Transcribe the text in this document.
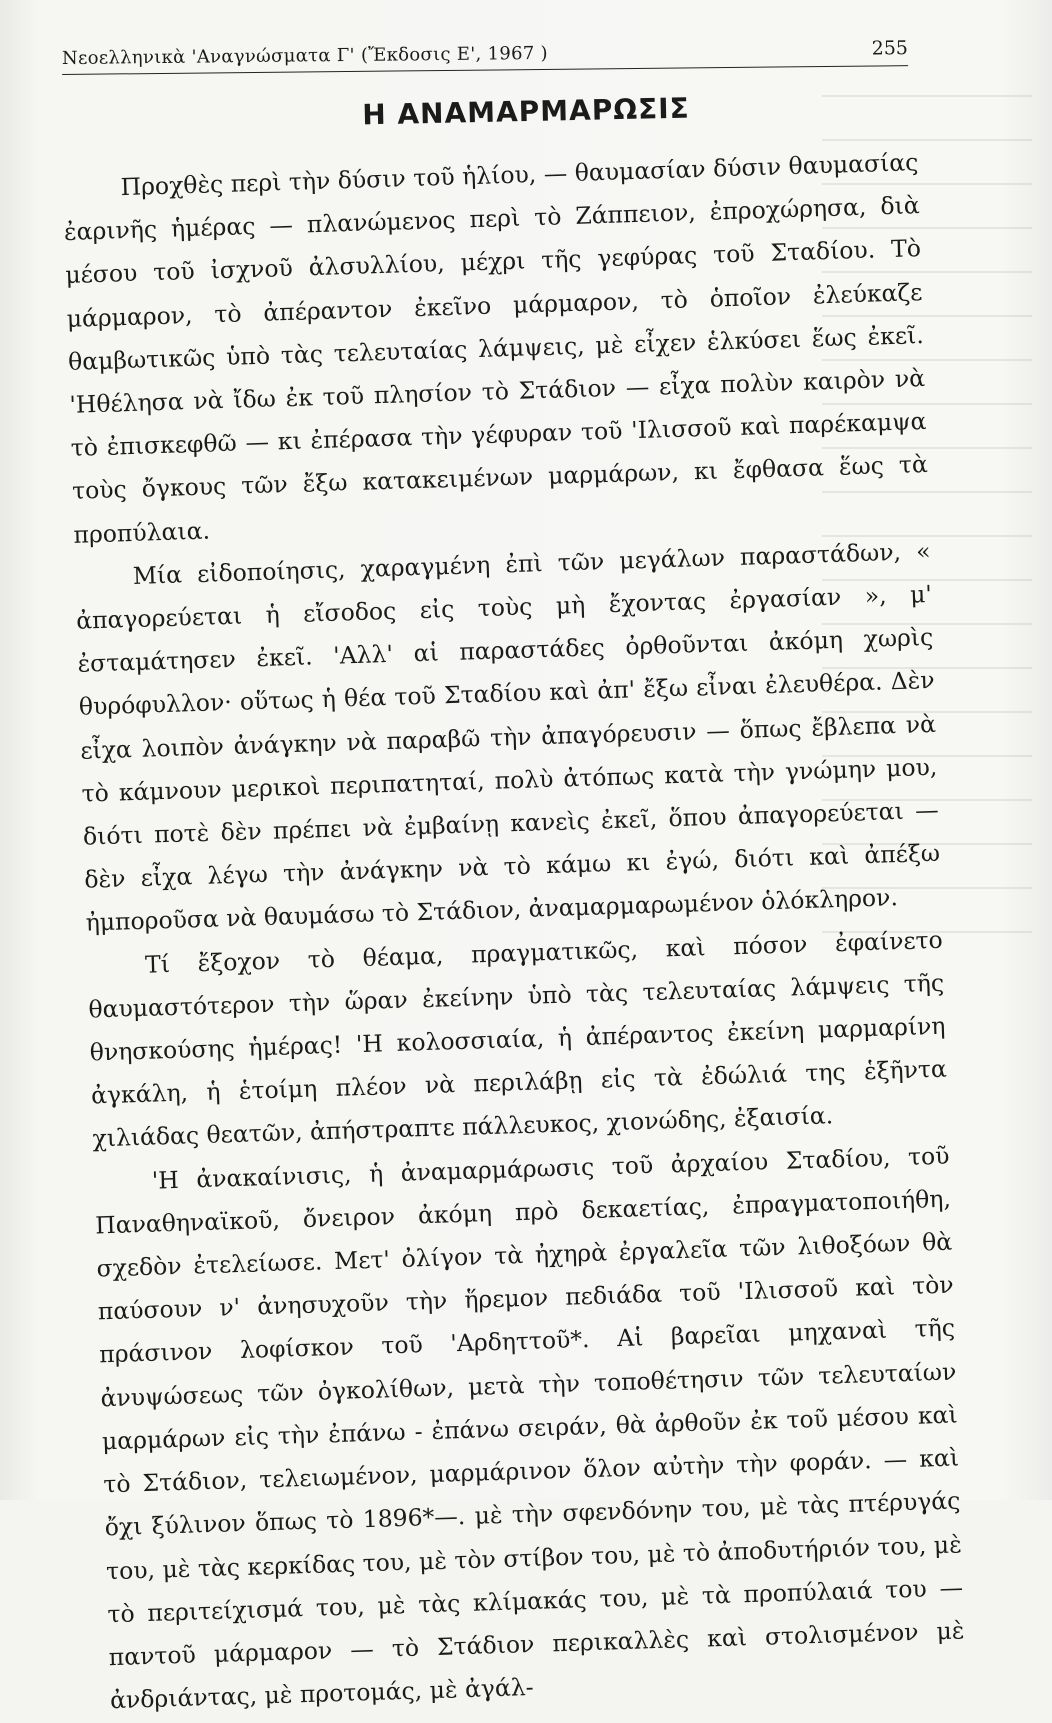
Νεοελληνικὰ 'Αναγνώσματα Γ' (Ἔκδοσις Ε', 1967 )	255
Η ΑΝΑΜΑΡΜΑΡΩΣΙΣ

Προχθὲς περὶ τὴν δύσιν τοῦ ἡλίου, — θαυμασίαν δύσιν θαυμασίας ἐαρινῆς ἡμέρας — πλανώμενος περὶ τὸ Ζάππειον, ἐπροχώρησα, διὰ μέσου τοῦ ἰσχνοῦ ἀλσυλλίου, μέχρι τῆς γεφύρας τοῦ Σταδίου. Τὸ μάρμαρον, τὸ ἀπέραντον ἐκεῖνο μάρμαρον, τὸ ὁποῖον ἐλεύκαζε θαμβωτικῶς ὑπὸ τὰς τελευταίας λάμψεις, μὲ εἶχεν ἑλκύσει ἕως ἐκεῖ. 'Ηθέλησα νὰ ἴδω ἐκ τοῦ πλησίον τὸ Στάδιον — εἶχα πολὺν καιρὸν νὰ τὸ ἐπισκεφθῶ — κι ἐπέρασα τὴν γέφυραν τοῦ 'Ιλισσοῦ καὶ παρέκαμψα τοὺς ὄγκους τῶν ἔξω κατακειμένων μαρμάρων, κι ἔφθασα ἕως τὰ προπύλαια.

Μία εἰδοποίησις, χαραγμένη ἐπὶ τῶν μεγάλων παραστάδων, « ἀπαγορεύεται ἡ εἴσοδος εἰς τοὺς μὴ ἔχοντας ἐργασίαν », μ' ἐσταμάτησεν ἐκεῖ. 'Αλλ' αἱ παραστάδες ὀρθοῦνται ἀκόμη χωρὶς θυρόφυλλον· οὕτως ἡ θέα τοῦ Σταδίου καὶ ἀπ' ἔξω εἶναι ἐλευθέρα. Δὲν εἶχα λοιπὸν ἀνάγκην νὰ παραβῶ τὴν ἀπαγόρευσιν — ὅπως ἔβλεπα νὰ τὸ κάμνουν μερικοὶ περιπατηταί, πολὺ ἀτόπως κατὰ τὴν γνώμην μου, διότι ποτὲ δὲν πρέπει νὰ ἐμβαίνῃ κανεὶς ἐκεῖ, ὅπου ἀπαγορεύεται — δὲν εἶχα λέγω τὴν ἀνάγκην νὰ τὸ κάμω κι ἐγώ, διότι καὶ ἀπέξω ἠμποροῦσα νὰ θαυμάσω τὸ Στάδιον, ἀναμαρμαρωμένον ὁλόκληρον.

Τί ἔξοχον τὸ θέαμα, πραγματικῶς, καὶ πόσον ἐφαίνετο θαυμαστότερον τὴν ὥραν ἐκείνην ὑπὸ τὰς τελευταίας λάμψεις τῆς θνησκούσης ἡμέρας! 'Η κολοσσιαία, ἡ ἀπέραντος ἐκείνη μαρμαρίνη ἀγκάλη, ἡ ἑτοίμη πλέον νὰ περιλάβῃ εἰς τὰ ἐδώλιά της ἑξῆντα χιλιάδας θεατῶν, ἀπήστραπτε πάλλευκος, χιονώδης, ἐξαισία.

'Η ἀνακαίνισις, ἡ ἀναμαρμάρωσις τοῦ ἀρχαίου Σταδίου, τοῦ Παναθηναϊκοῦ, ὄνειρον ἀκόμη πρὸ δεκαετίας, ἐπραγματοποιήθη, σχεδὸν ἐτελείωσε. Μετ' ὀλίγον τὰ ἠχηρὰ ἐργαλεῖα τῶν λιθοξόων θὰ παύσουν ν' ἀνησυχοῦν τὴν ἥρεμον πεδιάδα τοῦ 'Ιλισσοῦ καὶ τὸν πράσινον λοφίσκον τοῦ 'Αρδηττοῦ*. Αἱ βαρεῖαι μηχαναὶ τῆς ἀνυψώσεως τῶν ὀγκολίθων, μετὰ τὴν τοποθέτησιν τῶν τελευταίων μαρμάρων εἰς τὴν ἐπάνω - ἐπάνω σειράν, θὰ ἀρθοῦν ἐκ τοῦ μέσου καὶ τὸ Στάδιον, τελειωμένον, μαρμάρινον ὅλον αὐτὴν τὴν φοράν. — καὶ ὄχι ξύλινον ὅπως τὸ 1896*—. μὲ τὴν σφενδόνην του, μὲ τὰς πτέρυγάς του, μὲ τὰς κερκίδας του, μὲ τὸν στίβον του, μὲ τὸ ἀποδυτήριόν του, μὲ τὸ περιτείχισμά του, μὲ τὰς κλίμακάς του, μὲ τὰ προπύλαιά του — παντοῦ μάρμαρον — τὸ Στάδιον περικαλλὲς καὶ στολισμένον μὲ ἀνδριάντας, μὲ προτομάς, μὲ ἀγάλ-
